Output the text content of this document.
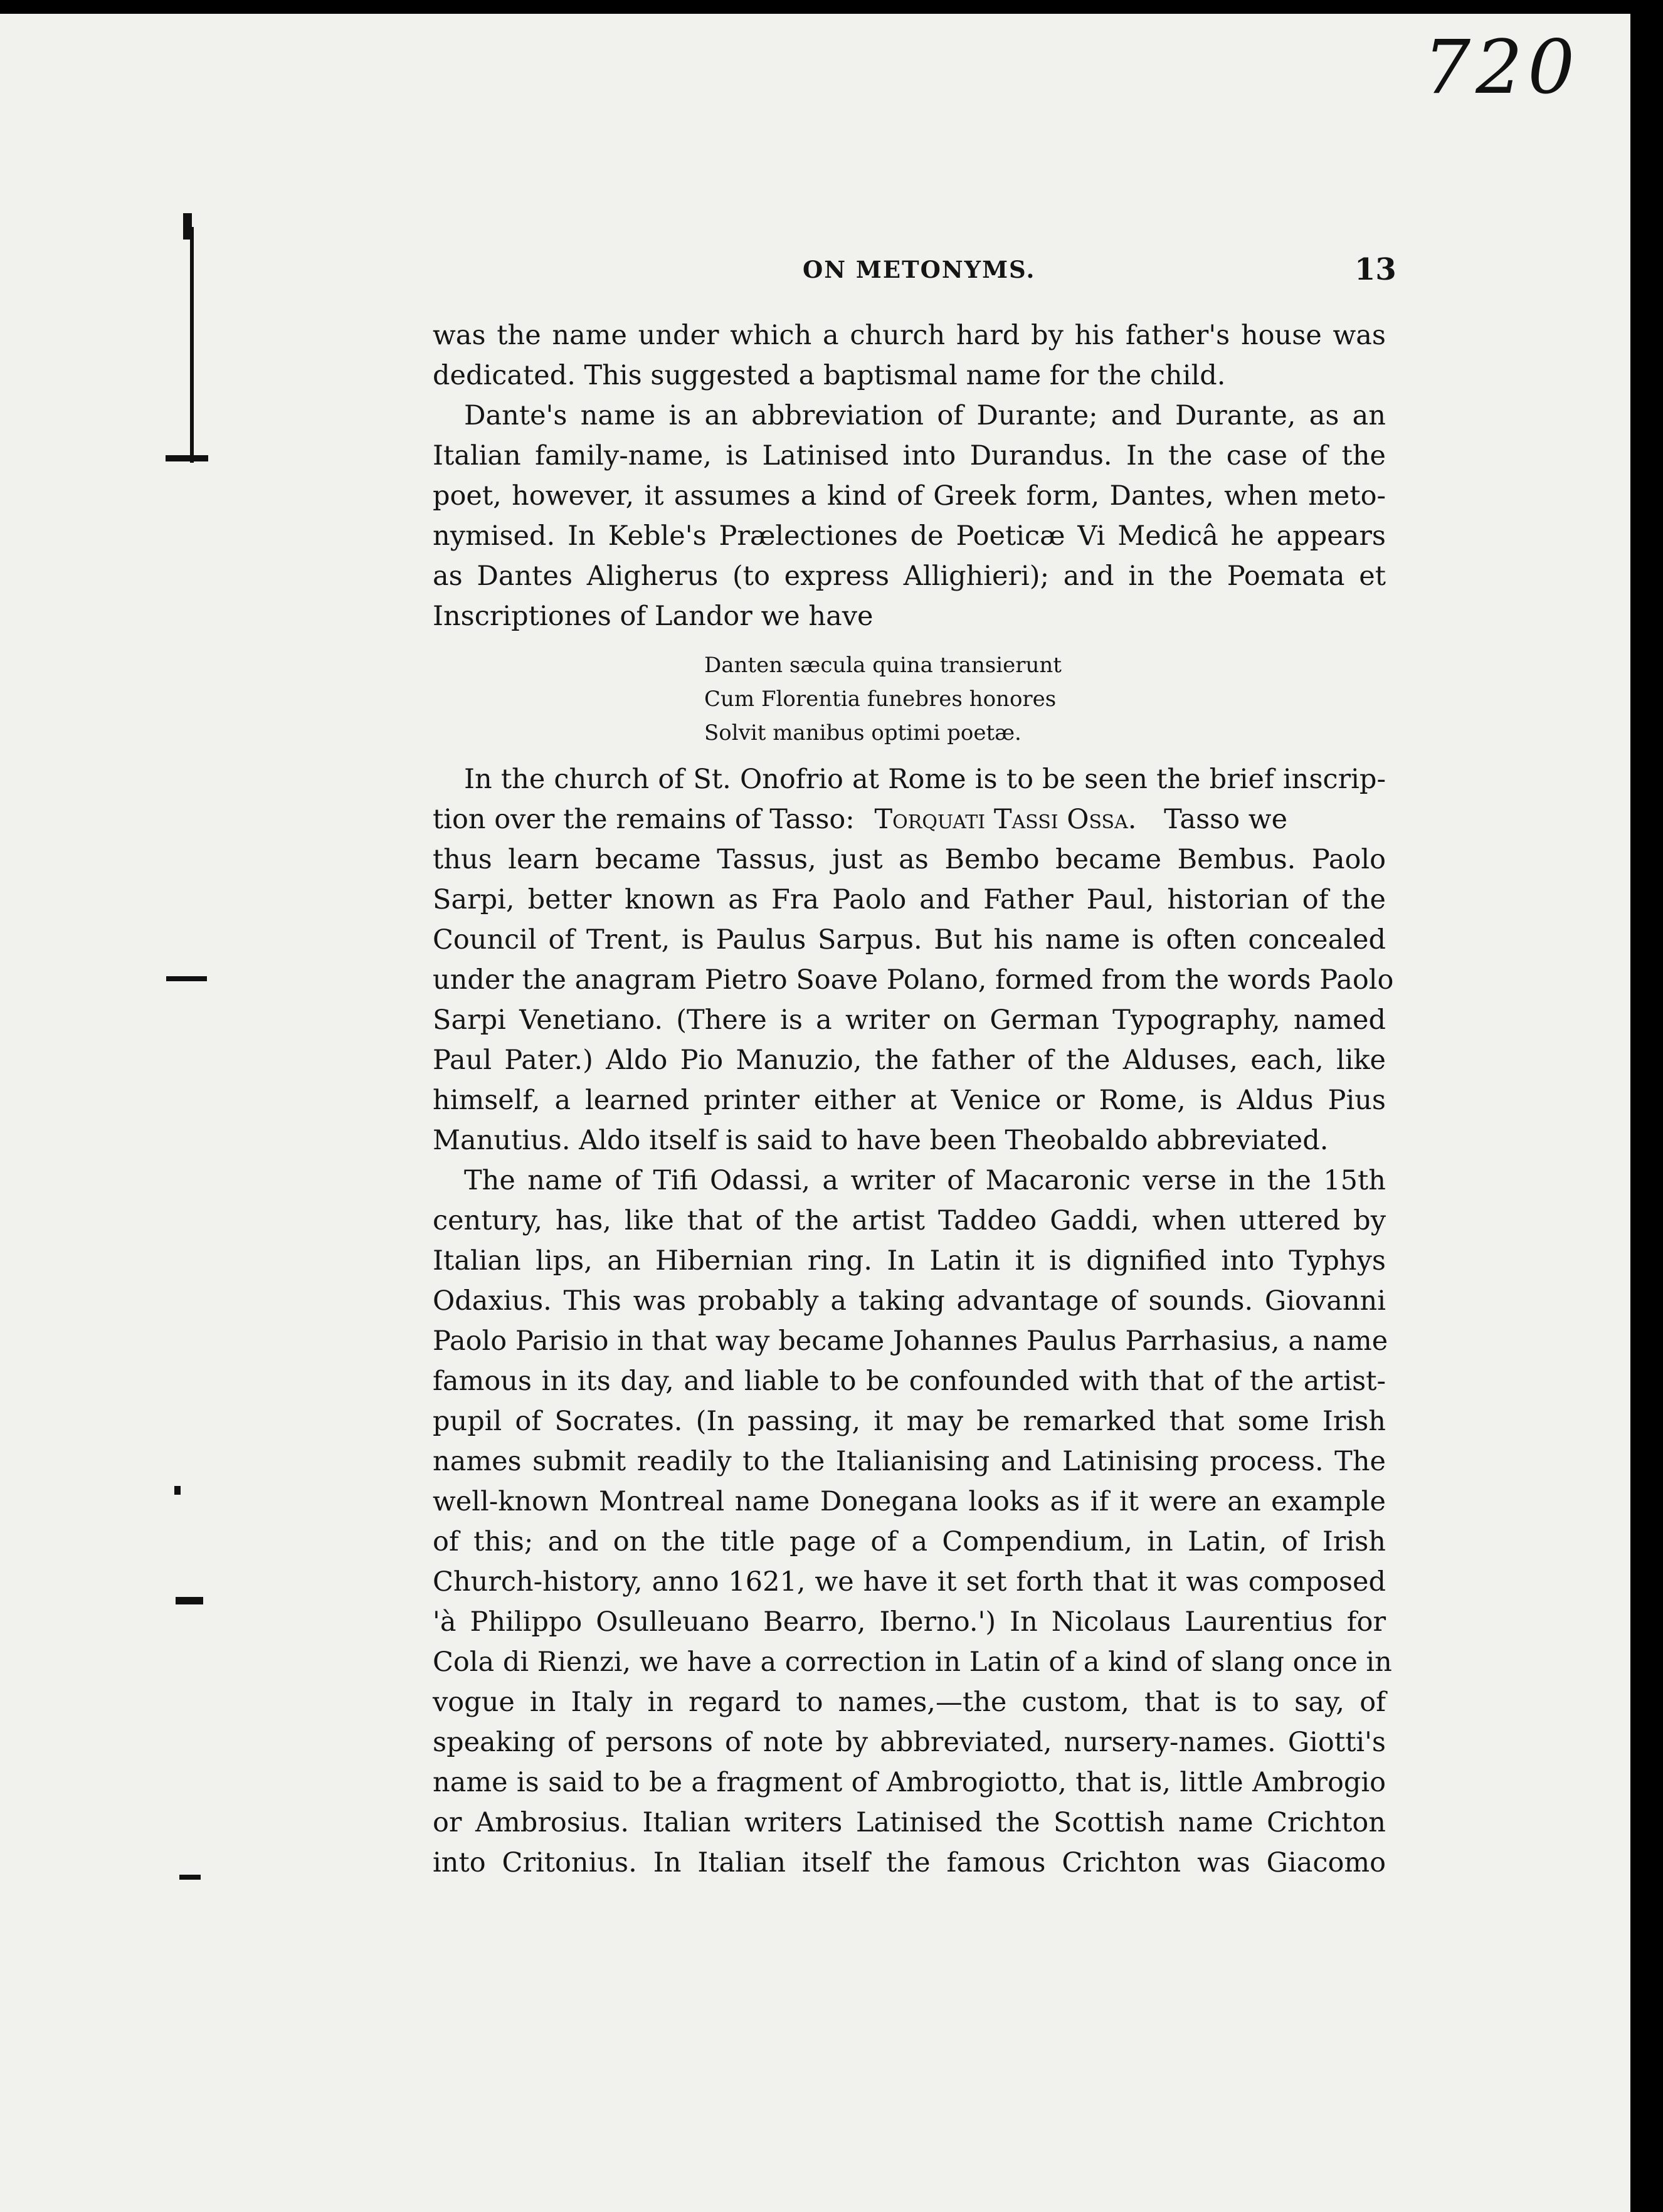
720
ON METONYMS.	13
was the name under which a church hard by his father's house was
dedicated. This suggested a baptismal name for the child.
Dante's name is an abbreviation of Durante; and Durante, as an
Italian family-name, is Latinised into Durandus. In the case of the
poet, however, it assumes a kind of Greek form, Dantes, when meto-
nymised. In Keble's Prælectiones de Poeticæ Vi Medicâ he appears
as Dantes Aligherus (to express Allighieri); and in the Poemata et
Inscriptiones of Landor we have
Danten sæcula quina transierunt
Cum Florentia funebres honores
Solvit manibus optimi poetæ.
In the church of St. Onofrio at Rome is to be seen the brief inscrip-
tion over the remains of Tasso: Torquati Tassi Ossa. Tasso we
thus learn became Tassus, just as Bembo became Bembus. Paolo
Sarpi, better known as Fra Paolo and Father Paul, historian of the
Council of Trent, is Paulus Sarpus. But his name is often concealed
under the anagram Pietro Soave Polano, formed from the words Paolo
Sarpi Venetiano. (There is a writer on German Typography, named
Paul Pater.) Aldo Pio Manuzio, the father of the Alduses, each, like
himself, a learned printer either at Venice or Rome, is Aldus Pius
Manutius. Aldo itself is said to have been Theobaldo abbreviated.
The name of Tifi Odassi, a writer of Macaronic verse in the 15th
century, has, like that of the artist Taddeo Gaddi, when uttered by
Italian lips, an Hibernian ring. In Latin it is dignified into Typhys
Odaxius. This was probably a taking advantage of sounds. Giovanni
Paolo Parisio in that way became Johannes Paulus Parrhasius, a name
famous in its day, and liable to be confounded with that of the artist-
pupil of Socrates. (In passing, it may be remarked that some Irish
names submit readily to the Italianising and Latinising process. The
well-known Montreal name Donegana looks as if it were an example
of this; and on the title page of a Compendium, in Latin, of Irish
Church-history, anno 1621, we have it set forth that it was composed
'à Philippo Osulleuano Bearro, Iberno.') In Nicolaus Laurentius for
Cola di Rienzi, we have a correction in Latin of a kind of slang once in
vogue in Italy in regard to names,—the custom, that is to say, of
speaking of persons of note by abbreviated, nursery-names. Giotti's
name is said to be a fragment of Ambrogiotto, that is, little Ambrogio
or Ambrosius. Italian writers Latinised the Scottish name Crichton
into Critonius. In Italian itself the famous Crichton was Giacomo
